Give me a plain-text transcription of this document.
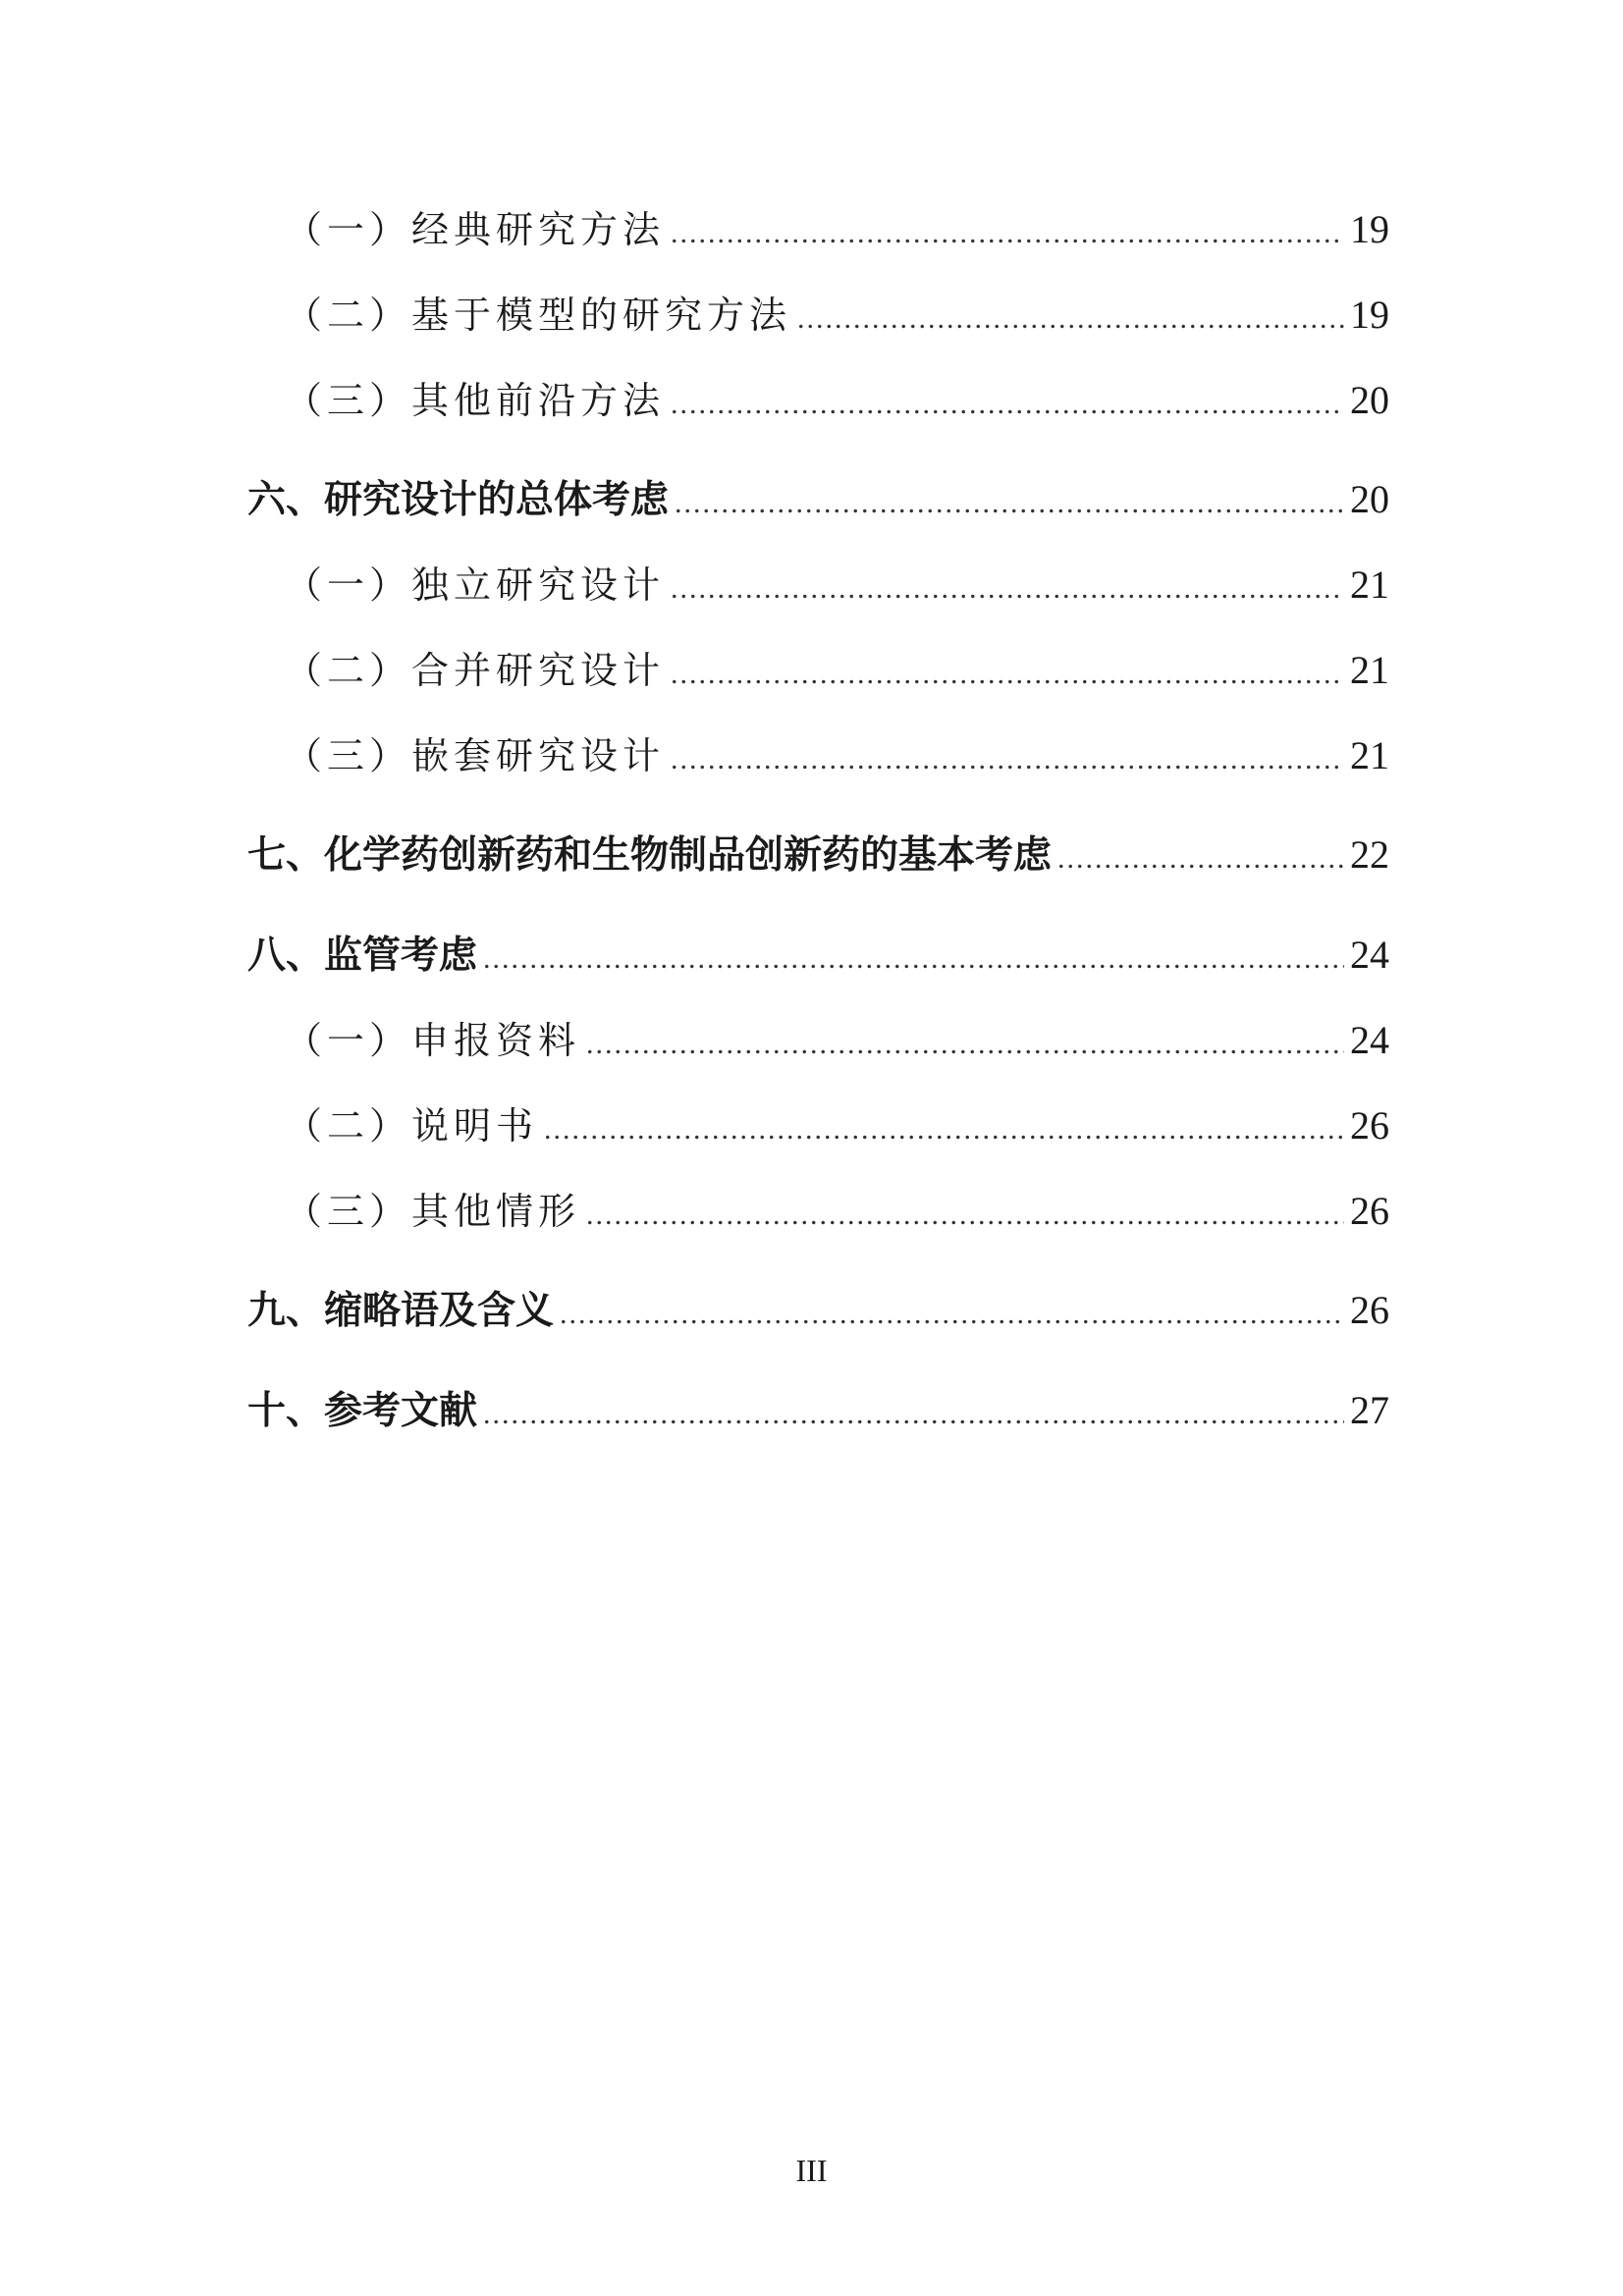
（一）经典研究方法 .....	19
（二）基于模型的研究方法 .....	19
（三）其他前沿方法 .....	20
六、研究设计的总体考虑 .....	20
（一）独立研究设计 .....	21
（二）合并研究设计 .....	21
（三）嵌套研究设计 .....	21
七、化学药创新药和生物制品创新药的基本考虑 .....	22
八、监管考虑 .....	24
（一）申报资料 .....	24
（二）说明书 .....	26
（三）其他情形 .....	26
九、缩略语及含义 .....	26
十、参考文献 .....	27
III
